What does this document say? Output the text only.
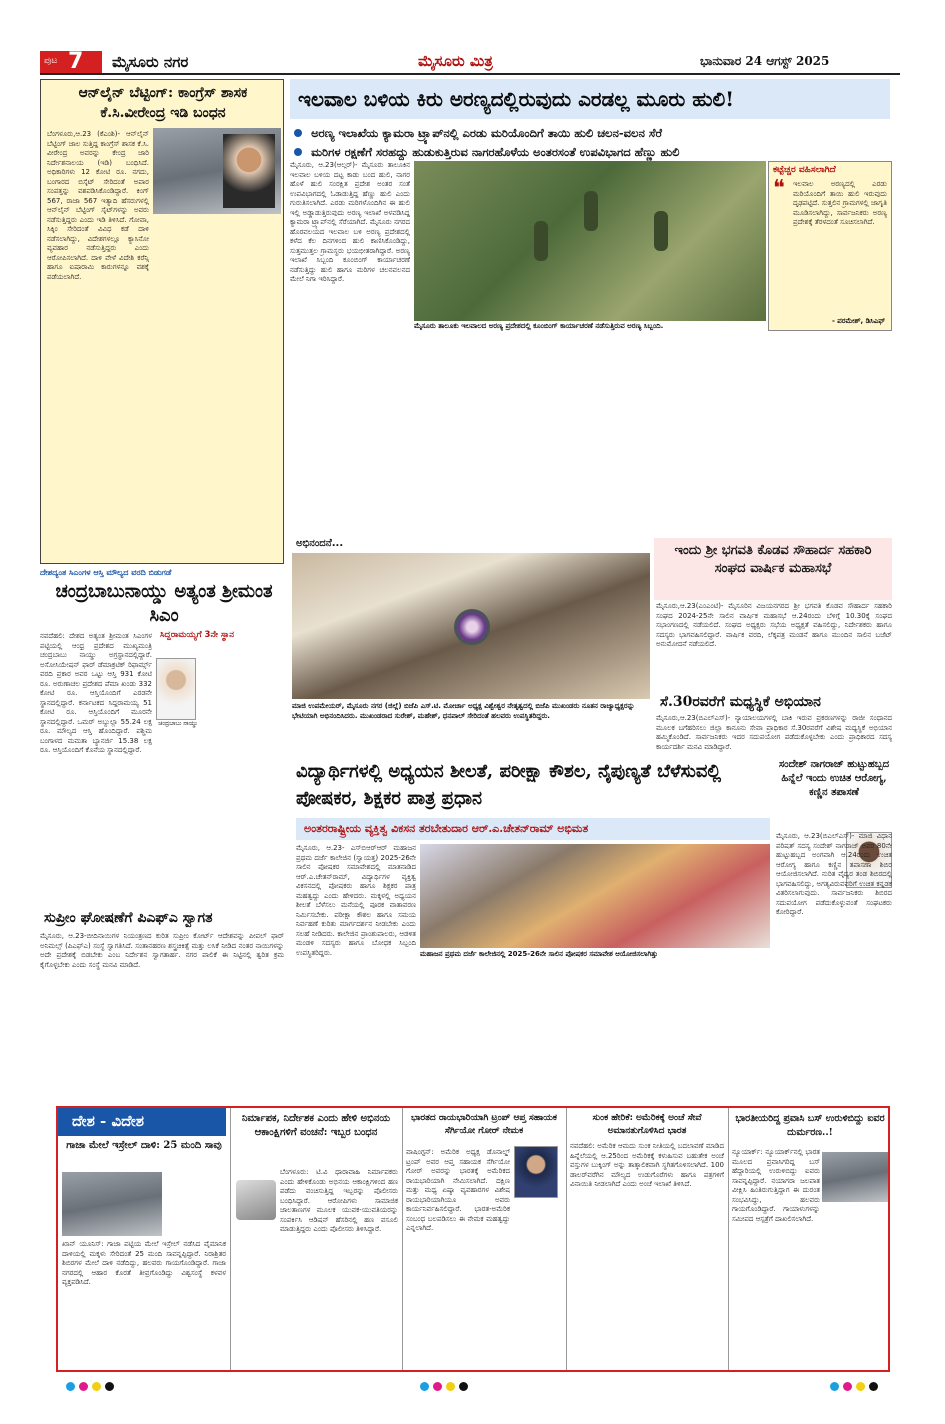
ಪುಟ 7 ಮೈಸೂರು ನಗರ	ಮೈಸೂರು ಮಿತ್ರ	ಭಾನುವಾರ 24 ಆಗಸ್ಟ್ 2025
ಆನ್‌ಲೈನ್ ಬೆಟ್ಟಿಂಗ್: ಕಾಂಗ್ರೆಸ್ ಶಾಸಕ ಕೆ.ಸಿ.ವೀರೇಂದ್ರ ಇಡಿ ಬಂಧನ
ಬೆಂಗಳೂರು,ಆ.23 (ಕೆಎಂಶಿ)- ಆನ್‌ಲೈನ್ ಬೆಟ್ಟಿಂಗ್ ಜಾಲ ಸುತ್ತಿದ್ದ ಕಾಂಗ್ರೆಸ್ ಶಾಸಕ ಕೆ.ಸಿ. ವೀರೇಂದ್ರ ಅವರನ್ನು ಕೇಂದ್ರ ಜಾರಿ ನಿರ್ದೇಶನಾಲಯ (ಇಡಿ) ಬಂಧಿಸಿದೆ. ಅಧಿಕಾರಿಗಳು 12 ಕೋಟಿ ರೂ. ನಗದು, ಬಂಗಾರದ ಬಿಸ್ಕೆಟ್ ಸೇರಿದಂತೆ ಅಪಾರ ಸಂಪತ್ತನ್ನು ವಶಪಡಿಸಿಕೊಂಡಿದ್ದಾರೆ. ಕಿಂಗ್ 567, ರಾಜಾ 567 ಇತ್ಯಾದಿ ಹೆಸರುಗಳಲ್ಲಿ ಆನ್‌ಲೈನ್ ಬೆಟ್ಟಿಂಗ್ ಸೈಟ್‌ಗಳನ್ನು ಅವರು ನಡೆಸುತ್ತಿದ್ದರು ಎಂದು ಇಡಿ ತಿಳಿಸಿದೆ. ಗೋವಾ, ಸಿಕ್ಕಿಂ ಸೇರಿದಂತೆ ವಿವಿಧ ಕಡೆ ದಾಳಿ ನಡೆಸಲಾಗಿದ್ದು, ವಿದೇಶಗಳಲ್ಲೂ ಕ್ಯಾಸಿನೋ ವ್ಯವಹಾರ ನಡೆಸುತ್ತಿದ್ದರು ಎಂದು ಆರೋಪಿಸಲಾಗಿದೆ. ದಾಳಿ ವೇಳೆ ವಿದೇಶಿ ಕರೆನ್ಸಿ ಹಾಗೂ ಐಷಾರಾಮಿ ಕಾರುಗಳನ್ನೂ ವಶಕ್ಕೆ ಪಡೆಯಲಾಗಿದೆ.
ಇಲವಾಲ ಬಳಿಯ ಕಿರು ಅರಣ್ಯದಲ್ಲಿರುವುದು ಎರಡಲ್ಲ ಮೂರು ಹುಲಿ!
ಅರಣ್ಯ ಇಲಾಖೆಯ ಕ್ಯಾಮರಾ ಟ್ರ್ಯಾಪ್‌ನಲ್ಲಿ ಎರಡು ಮರಿಯೊಂದಿಗೆ ತಾಯಿ ಹುಲಿ ಚಲನ-ವಲನ ಸೆರೆ
ಮರಿಗಳ ರಕ್ಷಣೆಗೆ ಸರಹದ್ದು ಹುಡುಕುತ್ತಿರುವ ನಾಗರಹೊಳೆಯ ಅಂತರಸಂತೆ ಉಪವಿಭಾಗದ ಹೆಣ್ಣು ಹುಲಿ
ಮೈಸೂರು, ಆ.23(ಆಲ್ಗರ್)- ಮೈಸೂರು ತಾಲೂಕಿನ ಇಲವಾಲ ಬಳಿಯ ದಟ್ಟ ಕಾಡು ಬಂದ ಹುಲಿ, ನಾಗರ ಹೊಳೆ ಹುಲಿ ಸಂರಕ್ಷಿತ ಪ್ರದೇಶ ಅಂತರ ಸಂತೆ ಉಪವಿಭಾಗದಲ್ಲಿ ಓಡಾಡುತ್ತಿದ್ದ ಹೆಣ್ಣು ಹುಲಿ ಎಂದು ಗುರುತಿಸಲಾಗಿದೆ. ಎರಡು ಮರಿಗಳೊಂದಿಗಿನ ಈ ಹುಲಿ ಇಲ್ಲಿ ಅಡ್ಡಾಡುತ್ತಿರುವುದು ಅರಣ್ಯ ಇಲಾಖೆ ಅಳವಡಿಸಿದ್ದ ಕ್ಯಾಮರಾ ಟ್ರ್ಯಾಪ್‌ನಲ್ಲಿ ಸೆರೆಯಾಗಿದೆ. ಮೈಸೂರು ನಗರದ ಹೊರವಲಯದ ಇಲವಾಲ ಬಳಿ ಅರಣ್ಯ ಪ್ರದೇಶದಲ್ಲಿ ಕಳೆದ ಕೆಲ ದಿನಗಳಿಂದ ಹುಲಿ ಕಾಣಿಸಿಕೊಂಡಿದ್ದು, ಸುತ್ತಮುತ್ತಲ ಗ್ರಾಮಸ್ಥರು ಭಯಭೀತರಾಗಿದ್ದಾರೆ. ಅರಣ್ಯ ಇಲಾಖೆ ಸಿಬ್ಬಂದಿ ಕೂಂಬಿಂಗ್ ಕಾರ್ಯಾಚರಣೆ ನಡೆಸುತ್ತಿದ್ದು ಹುಲಿ ಹಾಗೂ ಮರಿಗಳ ಚಲನವಲನದ ಮೇಲೆ ನಿಗಾ ಇರಿಸಿದ್ದಾರೆ.
ಮೈಸೂರು ತಾಲೂಕು ಇಲವಾಲದ ಅರಣ್ಯ ಪ್ರದೇಶದಲ್ಲಿ ಕೂಂಬಿಂಗ್ ಕಾರ್ಯಾಚರಣೆ ನಡೆಸುತ್ತಿರುವ ಅರಣ್ಯ ಸಿಬ್ಬಂದಿ.
ಕಟ್ಟೆಚ್ಚರ ವಹಿಸಲಾಗಿದೆ
❝ ಇಲವಾಲ ಅರಣ್ಯದಲ್ಲಿ ಎರಡು ಮರಿಯೊಂದಿಗೆ ತಾಯಿ ಹುಲಿ ಇರುವುದು ದೃಢಪಟ್ಟಿದೆ. ಸುತ್ತಲಿನ ಗ್ರಾಮಗಳಲ್ಲಿ ಜಾಗೃತಿ ಮೂಡಿಸಲಾಗಿದ್ದು, ಸಾರ್ವಜನಿಕರು ಅರಣ್ಯ ಪ್ರದೇಶಕ್ಕೆ ತೆರಳದಂತೆ ಸೂಚಿಸಲಾಗಿದೆ.
- ಪರಮೇಶ್, ಡಿಸಿಎಫ್
ದೇಶದ್ಯಂತ ಸಿಎಂಗಳ ಆಸ್ತಿ ಮೌಲ್ಯದ ವರದಿ ಬಿಡುಗಡೆ
ಚಂದ್ರಬಾಬುನಾಯ್ಡು ಅತ್ಯಂತ ಶ್ರೀಮಂತ ಸಿಎಂ
ಸಿದ್ದರಾಮಯ್ಯಗೆ 3ನೇ ಸ್ಥಾನ
ಚಂದ್ರಬಾಬು ನಾಯ್ಡು
ನವದೆಹಲಿ: ದೇಶದ ಅತ್ಯಂತ ಶ್ರೀಮಂತ ಸಿಎಂಗಳ ಪಟ್ಟಿಯಲ್ಲಿ ಆಂಧ್ರ ಪ್ರದೇಶದ ಮುಖ್ಯಮಂತ್ರಿ ಚಂದ್ರಬಾಬು ನಾಯ್ಡು ಅಗ್ರಸ್ಥಾನದಲ್ಲಿದ್ದಾರೆ. ಅಸೋಸಿಯೇಷನ್ ಫಾರ್ ಡೆಮಾಕ್ರಟಿಕ್ ರಿಫಾರ್ಮ್ಸ್ ವರದಿ ಪ್ರಕಾರ ಅವರ ಒಟ್ಟು ಆಸ್ತಿ 931 ಕೋಟಿ ರೂ. ಅರುಣಾಚಲ ಪ್ರದೇಶದ ಪೆಮಾ ಖಂಡು 332 ಕೋಟಿ ರೂ. ಆಸ್ತಿಯೊಂದಿಗೆ ಎರಡನೇ ಸ್ಥಾನದಲ್ಲಿದ್ದಾರೆ. ಕರ್ನಾಟಕದ ಸಿದ್ದರಾಮಯ್ಯ 51 ಕೋಟಿ ರೂ. ಆಸ್ತಿಯೊಂದಿಗೆ ಮೂರನೇ ಸ್ಥಾನದಲ್ಲಿದ್ದಾರೆ. ಒಮರ್ ಅಬ್ದುಲ್ಲಾ 55.24 ಲಕ್ಷ ರೂ. ಮೌಲ್ಯದ ಆಸ್ತಿ ಹೊಂದಿದ್ದಾರೆ. ಪಶ್ಚಿಮ ಬಂಗಾಳದ ಮಮತಾ ಬ್ಯಾನರ್ಜಿ 15.38 ಲಕ್ಷ ರೂ. ಆಸ್ತಿಯೊಂದಿಗೆ ಕೊನೆಯ ಸ್ಥಾನದಲ್ಲಿದ್ದಾರೆ.
ಸುಪ್ರೀಂ ಘೋಷಣೆಗೆ ಪಿಎಫ್‌ಎ ಸ್ವಾಗತ
ಮೈಸೂರು, ಆ.23-ಬೀದಿನಾಯಿಗಳ ನಿಯಂತ್ರಣದ ಕುರಿತ ಸುಪ್ರೀಂ ಕೋರ್ಟ್ ಆದೇಶವನ್ನು ಪೀಪಲ್ ಫಾರ್ ಅನಿಮಲ್ಸ್ (ಪಿಎಫ್‌ಎ) ಸಂಸ್ಥೆ ಸ್ವಾಗತಿಸಿದೆ. ಸಂತಾನಹರಣ ಶಸ್ತ್ರಚಿಕಿತ್ಸೆ ಮತ್ತು ಲಸಿಕೆ ನೀಡಿದ ನಂತರ ನಾಯಿಗಳನ್ನು ಅದೇ ಪ್ರದೇಶಕ್ಕೆ ಬಿಡಬೇಕು ಎಂಬ ನಿರ್ದೇಶನ ಸ್ವಾಗತಾರ್ಹ. ನಗರ ಪಾಲಿಕೆ ಈ ನಿಟ್ಟಿನಲ್ಲಿ ತ್ವರಿತ ಕ್ರಮ ಕೈಗೊಳ್ಳಬೇಕು ಎಂದು ಸಂಸ್ಥೆ ಮನವಿ ಮಾಡಿದೆ.
ಅಭಿನಂದನೆ...
ಮಾಜಿ ಉಪಮೇಯರ್, ಮೈಸೂರು ನಗರ (ಜಿಲ್ಲೆ) ಬಿಜೆಪಿ ಎಸ್‌.ಟಿ. ಮೋರ್ಚಾ ಅಧ್ಯಕ್ಷ ವಿಶ್ವೇಶ್ವರ ನೇತೃತ್ವದಲ್ಲಿ ಬಿಜೆಪಿ ಮುಖಂಡರು ನೂತನ ರಾಜ್ಯಾಧ್ಯಕ್ಷರನ್ನು ಭೇಟಿಯಾಗಿ ಅಭಿನಂದಿಸಿದರು. ಮುಖಂಡರಾದ ಸುರೇಶ್, ಮಹೇಶ್, ಧನಪಾಲ್ ಸೇರಿದಂತೆ ಹಲವರು ಉಪಸ್ಥಿತರಿದ್ದರು.
ಇಂದು ಶ್ರೀ ಭಗವತಿ ಕೊಡವ ಸೌಹಾರ್ದ ಸಹಕಾರಿ ಸಂಘದ ವಾರ್ಷಿಕ ಮಹಾಸಭೆ
ಮೈಸೂರು,ಆ.23(ಎಂಎಂಟಿ)- ಮೈಸೂರಿನ ವಿಜಯನಗರದ ಶ್ರೀ ಭಗವತಿ ಕೊಡವ ಸೌಹಾರ್ದ ಸಹಕಾರಿ ಸಂಘದ 2024-25ನೇ ಸಾಲಿನ ವಾರ್ಷಿಕ ಮಹಾಸಭೆ ಆ.24ರಂದು ಬೆಳಿಗ್ಗೆ 10.30ಕ್ಕೆ ಸಂಘದ ಸಭಾಂಗಣದಲ್ಲಿ ನಡೆಯಲಿದೆ. ಸಂಘದ ಅಧ್ಯಕ್ಷರು ಸಭೆಯ ಅಧ್ಯಕ್ಷತೆ ವಹಿಸಲಿದ್ದು, ನಿರ್ದೇಶಕರು ಹಾಗೂ ಸದಸ್ಯರು ಭಾಗವಹಿಸಲಿದ್ದಾರೆ. ವಾರ್ಷಿಕ ವರದಿ, ಲೆಕ್ಕಪತ್ರ ಮಂಡನೆ ಹಾಗೂ ಮುಂದಿನ ಸಾಲಿನ ಬಜೆಟ್ ಅನುಮೋದನೆ ನಡೆಯಲಿದೆ.
ಸೆ.30ರವರೆಗೆ ಮಧ್ಯಸ್ಥಿಕೆ ಅಭಿಯಾನ
ಮೈಸೂರು,ಆ.23(ಬಿಎಲ್‌ಎಸ್)- ನ್ಯಾಯಾಲಯಗಳಲ್ಲಿ ಬಾಕಿ ಇರುವ ಪ್ರಕರಣಗಳನ್ನು ರಾಜೀ ಸಂಧಾನದ ಮೂಲಕ ಬಗೆಹರಿಸಲು ಜಿಲ್ಲಾ ಕಾನೂನು ಸೇವಾ ಪ್ರಾಧಿಕಾರ ಸೆ.30ರವರೆಗೆ ವಿಶೇಷ ಮಧ್ಯಸ್ಥಿಕೆ ಅಭಿಯಾನ ಹಮ್ಮಿಕೊಂಡಿದೆ. ಸಾರ್ವಜನಿಕರು ಇದರ ಸದುಪಯೋಗ ಪಡೆದುಕೊಳ್ಳಬೇಕು ಎಂದು ಪ್ರಾಧಿಕಾರದ ಸದಸ್ಯ ಕಾರ್ಯದರ್ಶಿ ಮನವಿ ಮಾಡಿದ್ದಾರೆ.
ವಿದ್ಯಾರ್ಥಿಗಳಲ್ಲಿ ಅಧ್ಯಯನ ಶೀಲತೆ, ಪರೀಕ್ಷಾ ಕೌಶಲ, ನೈಪುಣ್ಯತೆ ಬೆಳೆಸುವಲ್ಲಿ ಪೋಷಕರ, ಶಿಕ್ಷಕರ ಪಾತ್ರ ಪ್ರಧಾನ
ಅಂತರರಾಷ್ಟ್ರೀಯ ವ್ಯಕ್ತಿತ್ವ ವಿಕಸನ ತರಬೇತುದಾರ ಆರ್.ಎ.ಚೇತನ್‌ರಾಮ್ ಅಭಿಮತ
ಮೈಸೂರು, ಆ.23- ಎಸ್‌ಬಿಆರ್‌ಆರ್ ಮಹಾಜನ ಪ್ರಥಮ ದರ್ಜೆ ಕಾಲೇಜಿನ (ಸ್ವಾಯತ್ತ) 2025-26ನೇ ಸಾಲಿನ ಪೋಷಕರ ಸಮಾವೇಶದಲ್ಲಿ ಮಾತನಾಡಿದ ಆರ್.ಎ.ಚೇತನ್‌ರಾಮ್, ವಿದ್ಯಾರ್ಥಿಗಳ ವ್ಯಕ್ತಿತ್ವ ವಿಕಸನದಲ್ಲಿ ಪೋಷಕರು ಹಾಗೂ ಶಿಕ್ಷಕರ ಪಾತ್ರ ಮಹತ್ವದ್ದು ಎಂದು ಹೇಳಿದರು. ಮಕ್ಕಳಲ್ಲಿ ಅಧ್ಯಯನ ಶೀಲತೆ ಬೆಳೆಸಲು ಮನೆಯಲ್ಲಿ ಪೂರಕ ವಾತಾವರಣ ನಿರ್ಮಿಸಬೇಕು. ಪರೀಕ್ಷಾ ಕೌಶಲ ಹಾಗೂ ಸಮಯ ನಿರ್ವಹಣೆ ಕುರಿತು ಮಾರ್ಗದರ್ಶನ ನೀಡಬೇಕು ಎಂದು ಸಲಹೆ ನೀಡಿದರು. ಕಾಲೇಜಿನ ಪ್ರಾಂಶುಪಾಲರು, ಆಡಳಿತ ಮಂಡಳಿ ಸದಸ್ಯರು ಹಾಗೂ ಬೋಧಕ ಸಿಬ್ಬಂದಿ ಉಪಸ್ಥಿತರಿದ್ದರು.	ಮಹಾಜನ ಪ್ರಥಮ ದರ್ಜೆ ಕಾಲೇಜಿನಲ್ಲಿ 2025-26ನೇ ಸಾಲಿನ ಪೋಷಕರ ಸಮಾವೇಶ ಆಯೋಜಿಸಲಾಗಿತ್ತು
ಸಂದೇಶ್ ನಾಗರಾಜ್ ಹುಟ್ಟುಹಬ್ಬದ ಹಿನ್ನೆಲೆ ಇಂದು ಉಚಿತ ಆರೋಗ್ಯ, ಕಣ್ಣಿನ ತಪಾಸಣೆ
ಮೈಸೂರು, ಆ.23(ಬಿಎಲ್‌ಎಸ್)- ಮಾಜಿ ವಿಧಾನ ಪರಿಷತ್ ಸದಸ್ಯ ಸಂದೇಶ್ ನಾಗರಾಜ್ ಅವರ 80ನೇ ಹುಟ್ಟುಹಬ್ಬದ ಅಂಗವಾಗಿ ಆ.24ರಂದು ಉಚಿತ ಆರೋಗ್ಯ ಹಾಗೂ ಕಣ್ಣಿನ ತಪಾಸಣಾ ಶಿಬಿರ ಆಯೋಜಿಸಲಾಗಿದೆ. ನುರಿತ ವೈದ್ಯರ ತಂಡ ಶಿಬಿರದಲ್ಲಿ ಭಾಗವಹಿಸಲಿದ್ದು, ಅಗತ್ಯವಿರುವವರಿಗೆ ಉಚಿತ ಕನ್ನಡಕ ವಿತರಿಸಲಾಗುವುದು. ಸಾರ್ವಜನಿಕರು ಶಿಬಿರದ ಸದುಪಯೋಗ ಪಡೆದುಕೊಳ್ಳುವಂತೆ ಸಂಘಟಕರು ಕೋರಿದ್ದಾರೆ.
ದೇಶ - ವಿದೇಶ
ಗಾಜಾ ಮೇಲೆ ಇಸ್ರೇಲ್ ದಾಳಿ: 25 ಮಂದಿ ಸಾವು
ಖಾನ್ ಯೂನಿಸ್: ಗಾಜಾ ಪಟ್ಟಿಯ ಮೇಲೆ ಇಸ್ರೇಲ್ ನಡೆಸಿದ ವೈಮಾನಿಕ ದಾಳಿಯಲ್ಲಿ ಮಕ್ಕಳು ಸೇರಿದಂತೆ 25 ಮಂದಿ ಸಾವನ್ನಪ್ಪಿದ್ದಾರೆ. ನಿರಾಶ್ರಿತರ ಶಿಬಿರಗಳ ಮೇಲೆ ದಾಳಿ ನಡೆದಿದ್ದು, ಹಲವರು ಗಾಯಗೊಂಡಿದ್ದಾರೆ. ಗಾಜಾ ನಗರದಲ್ಲಿ ಆಹಾರ ಕೊರತೆ ತೀವ್ರಗೊಂಡಿದ್ದು ವಿಶ್ವಸಂಸ್ಥೆ ಕಳವಳ ವ್ಯಕ್ತಪಡಿಸಿದೆ.
ನಿರ್ಮಾಪಕ, ನಿರ್ದೇಶಕ ಎಂದು ಹೇಳಿ ಅಭಿನಯ ಆಕಾಂಕ್ಷಿಗಳಿಗೆ ವಂಚನೆ: ಇಬ್ಬರ ಬಂಧನ
ಬೆಂಗಳೂರು: ಟಿ.ವಿ ಧಾರಾವಾಹಿ ನಿರ್ಮಾಪಕರು ಎಂದು ಹೇಳಿಕೊಂಡು ಅಭಿನಯ ಆಕಾಂಕ್ಷಿಗಳಿಂದ ಹಣ ಪಡೆದು ವಂಚಿಸುತ್ತಿದ್ದ ಇಬ್ಬರನ್ನು ಪೊಲೀಸರು ಬಂಧಿಸಿದ್ದಾರೆ. ಆರೋಪಿಗಳು ಸಾಮಾಜಿಕ ಜಾಲತಾಣಗಳ ಮೂಲಕ ಯುವಕ-ಯುವತಿಯರನ್ನು ಸಂಪರ್ಕಿಸಿ ಆಡಿಷನ್ ಹೆಸರಿನಲ್ಲಿ ಹಣ ವಸೂಲಿ ಮಾಡುತ್ತಿದ್ದರು ಎಂದು ಪೊಲೀಸರು ತಿಳಿಸಿದ್ದಾರೆ.
ಭಾರತದ ರಾಯಭಾರಿಯಾಗಿ ಟ್ರಂಪ್ ಆಪ್ತ ಸಹಾಯಕ ಸೆರ್ಗಿಯೋ ಗೋರ್ ನೇಮಕ
ವಾಷಿಂಗ್ಟನ್: ಅಮೆರಿಕ ಅಧ್ಯಕ್ಷ ಡೊನಾಲ್ಡ್ ಟ್ರಂಪ್ ಅವರ ಆಪ್ತ ಸಹಾಯಕ ಸೆರ್ಗಿಯೋ ಗೋರ್ ಅವರನ್ನು ಭಾರತಕ್ಕೆ ಅಮೆರಿಕದ ರಾಯಭಾರಿಯಾಗಿ ನೇಮಿಸಲಾಗಿದೆ. ದಕ್ಷಿಣ ಮತ್ತು ಮಧ್ಯ ಏಷ್ಯಾ ವ್ಯವಹಾರಗಳ ವಿಶೇಷ ರಾಯಭಾರಿಯಾಗಿಯೂ ಅವರು ಕಾರ್ಯನಿರ್ವಹಿಸಲಿದ್ದಾರೆ. ಭಾರತ-ಅಮೆರಿಕ ಸಂಬಂಧ ಬಲಪಡಿಸಲು ಈ ನೇಮಕ ಮಹತ್ವದ್ದು ಎನ್ನಲಾಗಿದೆ.
ಸುಂಕ ಹೇರಿಕೆ: ಅಮೆರಿಕಕ್ಕೆ ಅಂಚೆ ಸೇವೆ ಅಮಾನತುಗೊಳಿಸಿದ ಭಾರತ
ನವದೆಹಲಿ: ಅಮೆರಿಕ ಆಮದು ಸುಂಕ ನೀತಿಯಲ್ಲಿ ಬದಲಾವಣೆ ಮಾಡಿದ ಹಿನ್ನೆಲೆಯಲ್ಲಿ ಆ.25ರಿಂದ ಅಮೆರಿಕಕ್ಕೆ ಕಳುಹಿಸುವ ಬಹುತೇಕ ಅಂಚೆ ವಸ್ತುಗಳ ಬುಕ್ಕಿಂಗ್ ಅನ್ನು ತಾತ್ಕಾಲಿಕವಾಗಿ ಸ್ಥಗಿತಗೊಳಿಸಲಾಗಿದೆ. 100 ಡಾಲರ್‌ವರೆಗಿನ ಮೌಲ್ಯದ ಉಡುಗೊರೆಗಳು ಹಾಗೂ ಪತ್ರಗಳಿಗೆ ವಿನಾಯಿತಿ ನೀಡಲಾಗಿದೆ ಎಂದು ಅಂಚೆ ಇಲಾಖೆ ತಿಳಿಸಿದೆ.
ಭಾರತೀಯರಿದ್ದ ಪ್ರವಾಸಿ ಬಸ್ ಉರುಳಿಬಿದ್ದು ಐವರ ದುರ್ಮರಣ..!
ನ್ಯೂಯಾರ್ಕ್: ನ್ಯೂಯಾರ್ಕ್‌ನಲ್ಲಿ ಭಾರತ ಮೂಲದ ಪ್ರವಾಸಿಗರಿದ್ದ ಬಸ್ ಹೆದ್ದಾರಿಯಲ್ಲಿ ಉರುಳಿಬಿದ್ದು ಐವರು ಸಾವನ್ನಪ್ಪಿದ್ದಾರೆ. ನಯಾಗರಾ ಜಲಪಾತ ವೀಕ್ಷಿಸಿ ಹಿಂತಿರುಗುತ್ತಿದ್ದಾಗ ಈ ದುರಂತ ಸಂಭವಿಸಿದ್ದು, ಹಲವರು ಗಾಯಗೊಂಡಿದ್ದಾರೆ. ಗಾಯಾಳುಗಳನ್ನು ಸಮೀಪದ ಆಸ್ಪತ್ರೆಗೆ ದಾಖಲಿಸಲಾಗಿದೆ.
